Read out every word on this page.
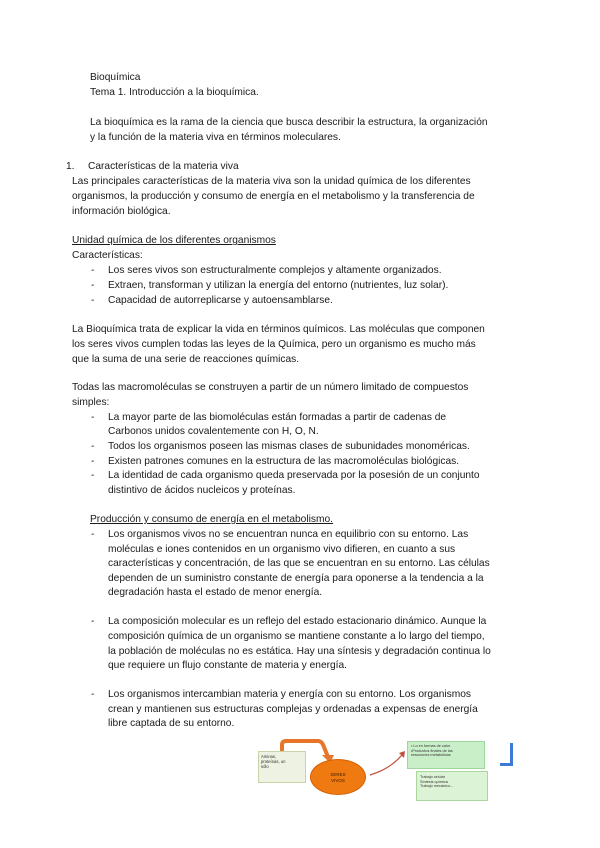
Bioquímica
Tema 1. Introducción a la bioquímica.
La bioquímica es la rama de la ciencia que busca describir la estructura, la organización
y la función de la materia viva en términos moleculares.
1. Características de la materia viva
Las principales características de la materia viva son la unidad química de los diferentes
organismos, la producción y consumo de energía en el metabolismo y la transferencia de
información biológica.
Unidad química de los diferentes organismos
Características:
- Los seres vivos son estructuralmente complejos y altamente organizados.
- Extraen, transforman y utilizan la energía del entorno (nutrientes, luz solar).
- Capacidad de autorreplicarse y autoensamblarse.
La Bioquímica trata de explicar la vida en términos químicos. Las moléculas que componen
los seres vivos cumplen todas las leyes de la Química, pero un organismo es mucho más
que la suma de una serie de reacciones químicas.
Todas las macromoléculas se construyen a partir de un número limitado de compuestos
simples:
- La mayor parte de las biomoléculas están formadas a partir de cadenas de
Carbonos unidos covalentemente con H, O, N.
- Todos los organismos poseen las mismas clases de subunidades monoméricas.
- Existen patrones comunes en la estructura de las macromoléculas biológicas.
- La identidad de cada organismo queda preservada por la posesión de un conjunto
distintivo de ácidos nucleicos y proteínas.
Producción y consumo de energía en el metabolismo.
- Los organismos vivos no se encuentran nunca en equilibrio con su entorno. Las
moléculas e iones contenidos en un organismo vivo difieren, en cuanto a sus
características y concentración, de las que se encuentran en su entorno. Las células
dependen de un suministro constante de energía para oponerse a la tendencia a la
degradación hasta el estado de menor energía.
- La composición molecular es un reflejo del estado estacionario dinámico. Aunque la
composición química de un organismo se mantiene constante a lo largo del tiempo,
la población de moléculas no es estática. Hay una síntesis y degradación continua lo
que requiere un flujo constante de materia y energía.
- Los organismos intercambian materia y energía con su entorno. Los organismos
crean y mantienen sus estructuras complejas y ordenadas a expensas de energía
libre captada de su entorno.
Aminas,
proteínas, un
sólo
SERES
VIVOS
• Lo en formas de calor
•Productos finales de las
reacciones metabólicas
Trabajo celular
Síntesis química
Trabajo mecánico...
